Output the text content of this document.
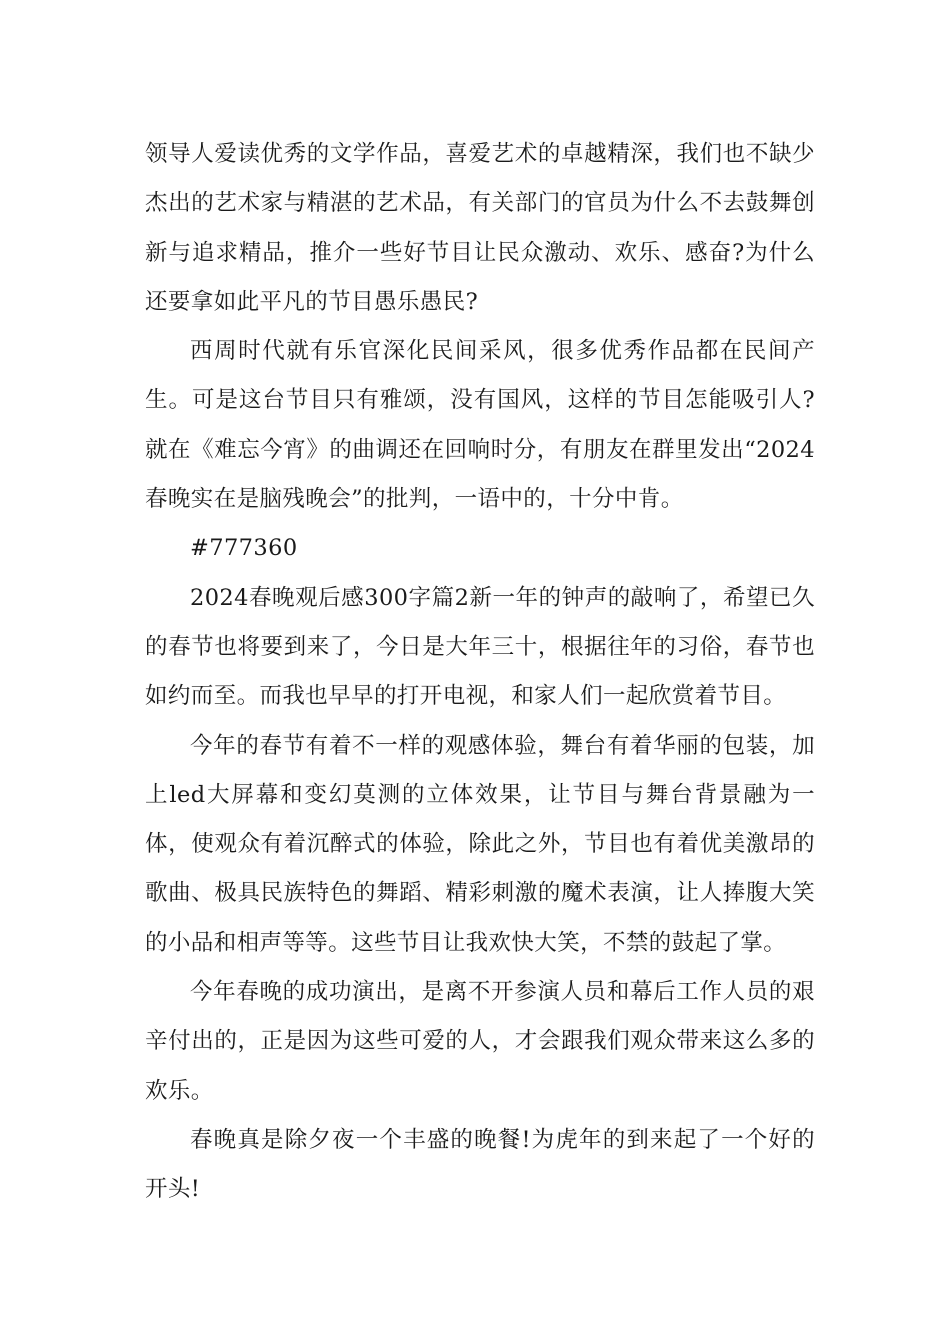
领导人爱读优秀的文学作品，喜爱艺术的卓越精深，我们也不缺少杰出的艺术家与精湛的艺术品，有关部门的官员为什么不去鼓舞创新与追求精品，推介一些好节目让民众激动、欢乐、感奋?为什么还要拿如此平凡的节目愚乐愚民?

西周时代就有乐官深化民间采风，很多优秀作品都在民间产生。可是这台节目只有雅颂，没有国风，这样的节目怎能吸引人?就在《难忘今宵》的曲调还在回响时分，有朋友在群里发出“2024春晚实在是脑残晚会”的批判，一语中的，十分中肯。

#777360

2024春晚观后感300字篇2新一年的钟声的敲响了，希望已久的春节也将要到来了，今日是大年三十，根据往年的习俗，春节也如约而至。而我也早早的打开电视，和家人们一起欣赏着节目。

今年的春节有着不一样的观感体验，舞台有着华丽的包装，加上led大屏幕和变幻莫测的立体效果，让节目与舞台背景融为一体，使观众有着沉醉式的体验，除此之外，节目也有着优美激昂的歌曲、极具民族特色的舞蹈、精彩刺激的魔术表演，让人捧腹大笑的小品和相声等等。这些节目让我欢快大笑，不禁的鼓起了掌。

今年春晚的成功演出，是离不开参演人员和幕后工作人员的艰辛付出的，正是因为这些可爱的人，才会跟我们观众带来这么多的欢乐。

春晚真是除夕夜一个丰盛的晚餐!为虎年的到来起了一个好的开头!
